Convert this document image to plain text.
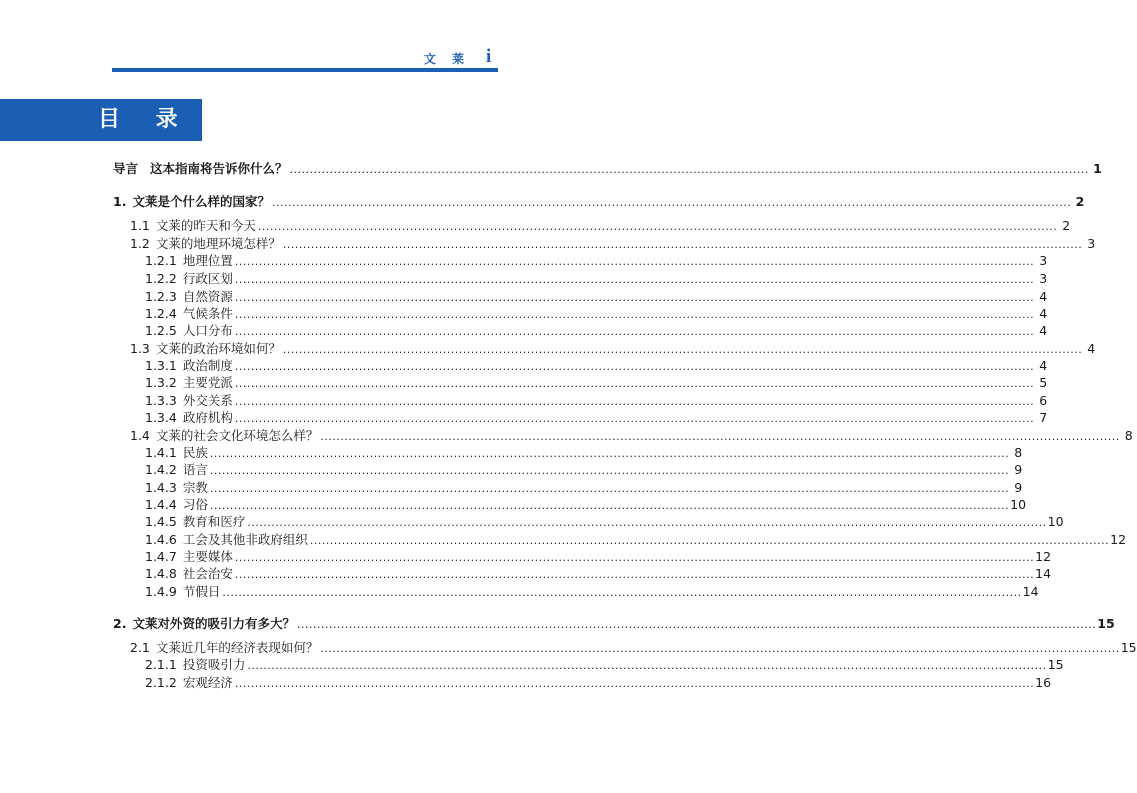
文 莱 i
目 录
导言 这本指南将告诉你什么？ ........................................................................................................................................................................................................ 1
1. 文莱是个什么样的国家？ ........................................................................................................................................................................................................ 2
1.1 文莱的昨天和今天 ........................................................................................................................................................................................................ 2
1.2 文莱的地理环境怎样？ ........................................................................................................................................................................................................ 3
1.2.1 地理位置 ........................................................................................................................................................................................................ 3
1.2.2 行政区划 ........................................................................................................................................................................................................ 3
1.2.3 自然资源 ........................................................................................................................................................................................................ 4
1.2.4 气候条件 ........................................................................................................................................................................................................ 4
1.2.5 人口分布 ........................................................................................................................................................................................................ 4
1.3 文莱的政治环境如何？ ........................................................................................................................................................................................................ 4
1.3.1 政治制度 ........................................................................................................................................................................................................ 4
1.3.2 主要党派 ........................................................................................................................................................................................................ 5
1.3.3 外交关系 ........................................................................................................................................................................................................ 6
1.3.4 政府机构 ........................................................................................................................................................................................................ 7
1.4 文莱的社会文化环境怎么样？ ........................................................................................................................................................................................................ 8
1.4.1 民族 ........................................................................................................................................................................................................ 8
1.4.2 语言 ........................................................................................................................................................................................................ 9
1.4.3 宗教 ........................................................................................................................................................................................................ 9
1.4.4 习俗 ........................................................................................................................................................................................................ 10
1.4.5 教育和医疗 ........................................................................................................................................................................................................ 10
1.4.6 工会及其他非政府组织 ........................................................................................................................................................................................................ 12
1.4.7 主要媒体 ........................................................................................................................................................................................................ 12
1.4.8 社会治安 ........................................................................................................................................................................................................ 14
1.4.9 节假日 ........................................................................................................................................................................................................ 14
2. 文莱对外资的吸引力有多大？ ........................................................................................................................................................................................................ 15
2.1 文莱近几年的经济表现如何？ ........................................................................................................................................................................................................ 15
2.1.1 投资吸引力 ........................................................................................................................................................................................................ 15
2.1.2 宏观经济 ........................................................................................................................................................................................................ 16
